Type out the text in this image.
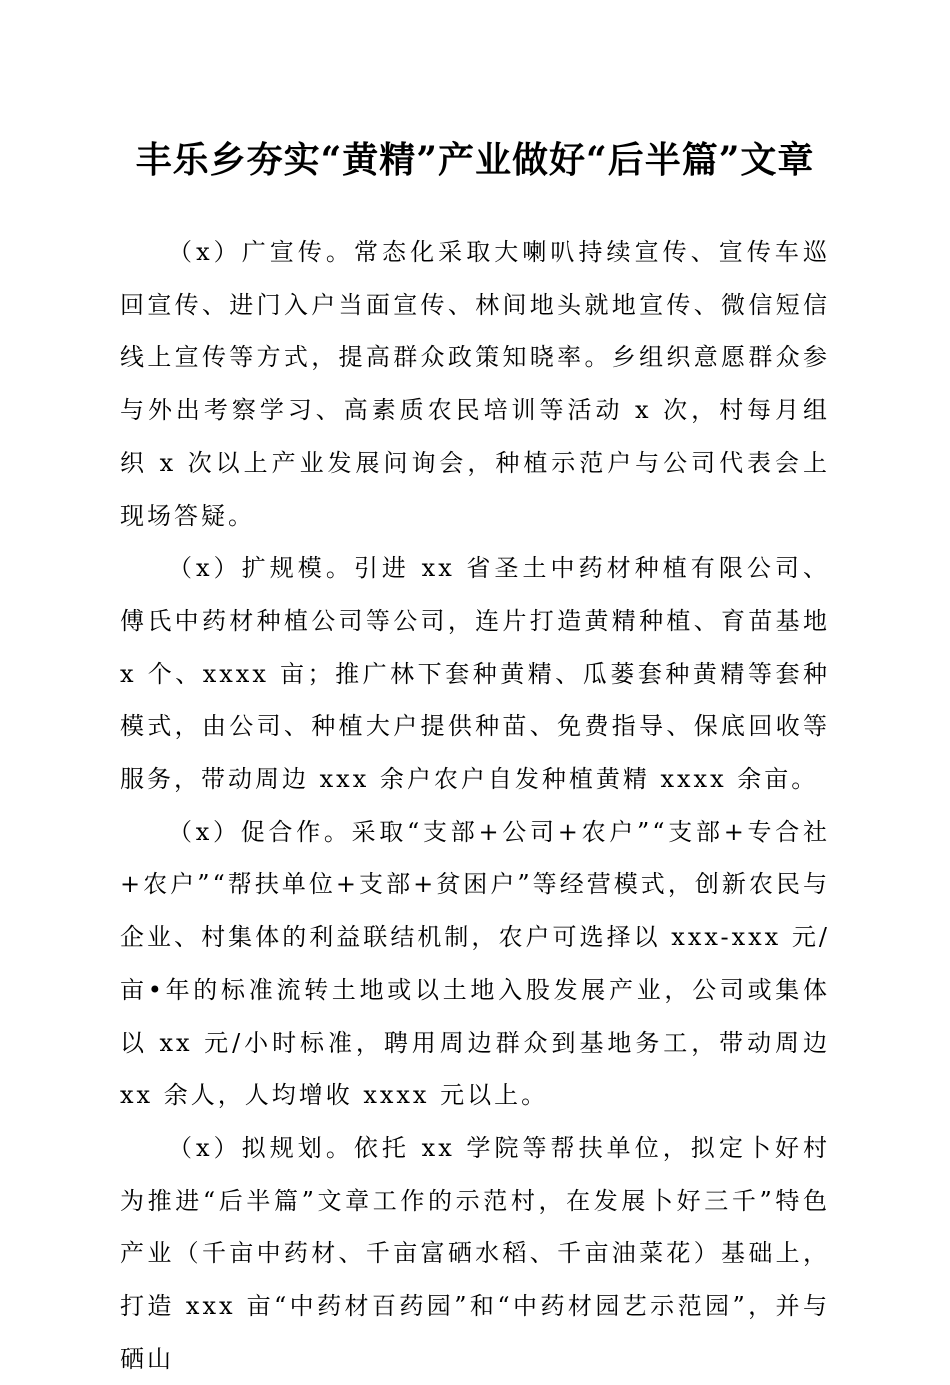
丰乐乡夯实“黄精”产业做好“后半篇”文章

（x）广宣传。常态化采取大喇叭持续宣传、宣传车巡回宣传、进门入户当面宣传、林间地头就地宣传、微信短信线上宣传等方式，提高群众政策知晓率。乡组织意愿群众参与外出考察学习、高素质农民培训等活动 x 次，村每月组织 x 次以上产业发展问询会，种植示范户与公司代表会上现场答疑。

（x）扩规模。引进 xx 省圣土中药材种植有限公司、傅氏中药材种植公司等公司，连片打造黄精种植、育苗基地 x 个、xxxx 亩；推广林下套种黄精、瓜蒌套种黄精等套种模式，由公司、种植大户提供种苗、免费指导、保底回收等服务，带动周边 xxx 余户农户自发种植黄精 xxxx 余亩。

（x）促合作。采取“支部+公司+农户”“支部+专合社+农户”“帮扶单位+支部+贫困户”等经营模式，创新农民与企业、村集体的利益联结机制，农户可选择以 xxx-xxx 元/亩•年的标准流转土地或以土地入股发展产业，公司或集体以 xx 元/小时标准，聘用周边群众到基地务工，带动周边 xx 余人，人均增收 xxxx 元以上。

（x）拟规划。依托 xx 学院等帮扶单位，拟定卜好村为推进“后半篇”文章工作的示范村，在发展卜好三千”特色产业（千亩中药材、千亩富硒水稻、千亩油菜花）基础上，打造 xxx 亩“中药材百药园”和“中药材园艺示范园”，并与硒山
